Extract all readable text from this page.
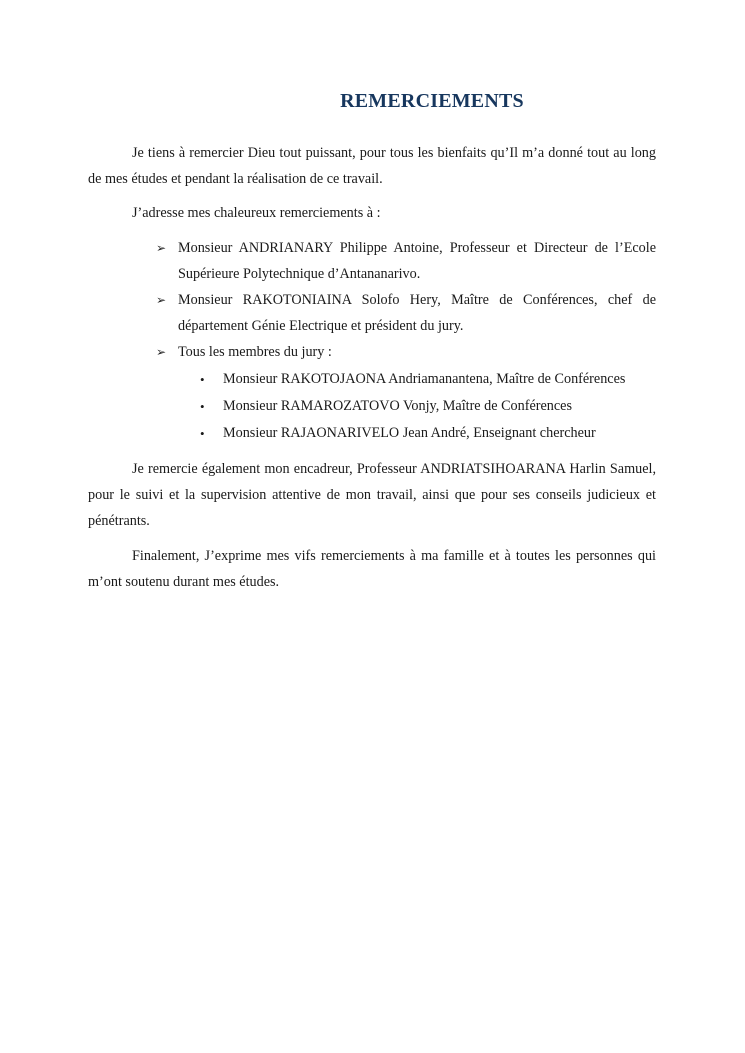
REMERCIEMENTS

Je tiens à remercier Dieu tout puissant, pour tous les bienfaits qu’Il m’a donné tout au long de mes études et pendant la réalisation de ce travail.

J’adresse mes chaleureux remerciements à :

➢ Monsieur ANDRIANARY Philippe Antoine, Professeur et Directeur de l’Ecole Supérieure Polytechnique d’Antananarivo.
➢ Monsieur RAKOTONIAINA Solofo Hery, Maître de Conférences, chef de département Génie Electrique et président du jury.
➢ Tous les membres du jury :
• Monsieur RAKOTOJAONA Andriamanantena, Maître de Conférences
• Monsieur RAMAROZATOVO Vonjy, Maître de Conférences
• Monsieur RAJAONARIVELO Jean André, Enseignant chercheur

Je remercie également mon encadreur, Professeur ANDRIATSIHOARANA Harlin Samuel, pour le suivi et la supervision attentive de mon travail, ainsi que pour ses conseils judicieux et pénétrants.

Finalement, J’exprime mes vifs remerciements à ma famille et à toutes les personnes qui m’ont soutenu durant mes études.
